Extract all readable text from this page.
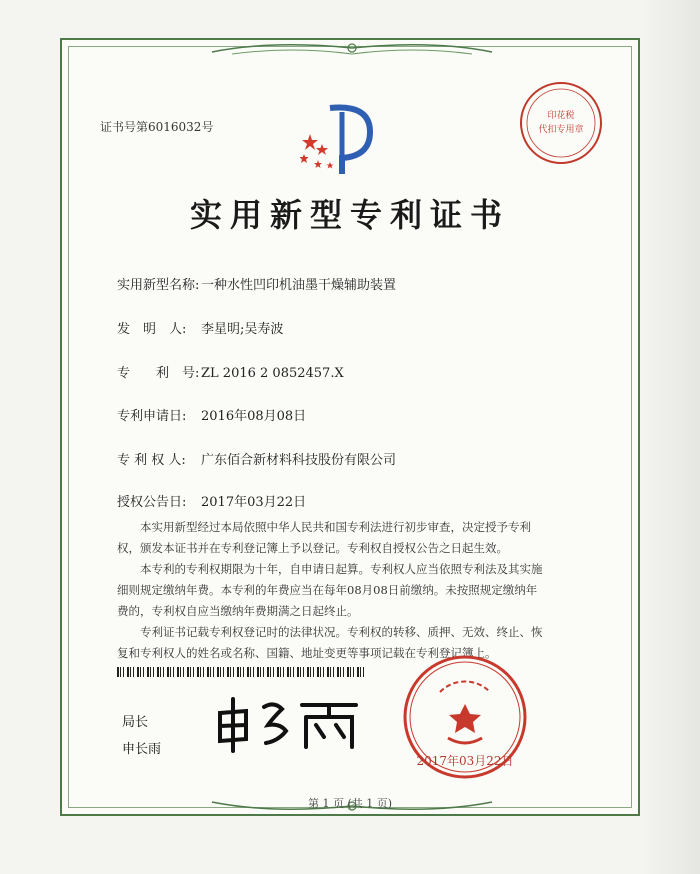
证书号第6016032号
印花税
代扣专用章
实用新型专利证书
实用新型名称: 一种水性凹印机油墨干燥辅助装置
发　明　人: 李星明;吴寿波
专　　利　号: ZL 2016 2 0852457.X
专利申请日: 2016年08月08日
专 利 权 人: 广东佰合新材料科技股份有限公司
授权公告日: 2017年03月22日

本实用新型经过本局依照中华人民共和国专利法进行初步审查，决定授予专利权，颁发本证书并在专利登记簿上予以登记。专利权自授权公告之日起生效。

本专利的专利权期限为十年，自申请日起算。专利权人应当依照专利法及其实施细则规定缴纳年费。本专利的年费应当在每年08月08日前缴纳。未按照规定缴纳年费的，专利权自应当缴纳年费期满之日起终止。

专利证书记载专利权登记时的法律状况。专利权的转移、质押、无效、终止、恢复和专利权人的姓名或名称、国籍、地址变更等事项记载在专利登记簿上。

局长
申长雨
2017年03月22日
第 1 页 (共 1 页)
